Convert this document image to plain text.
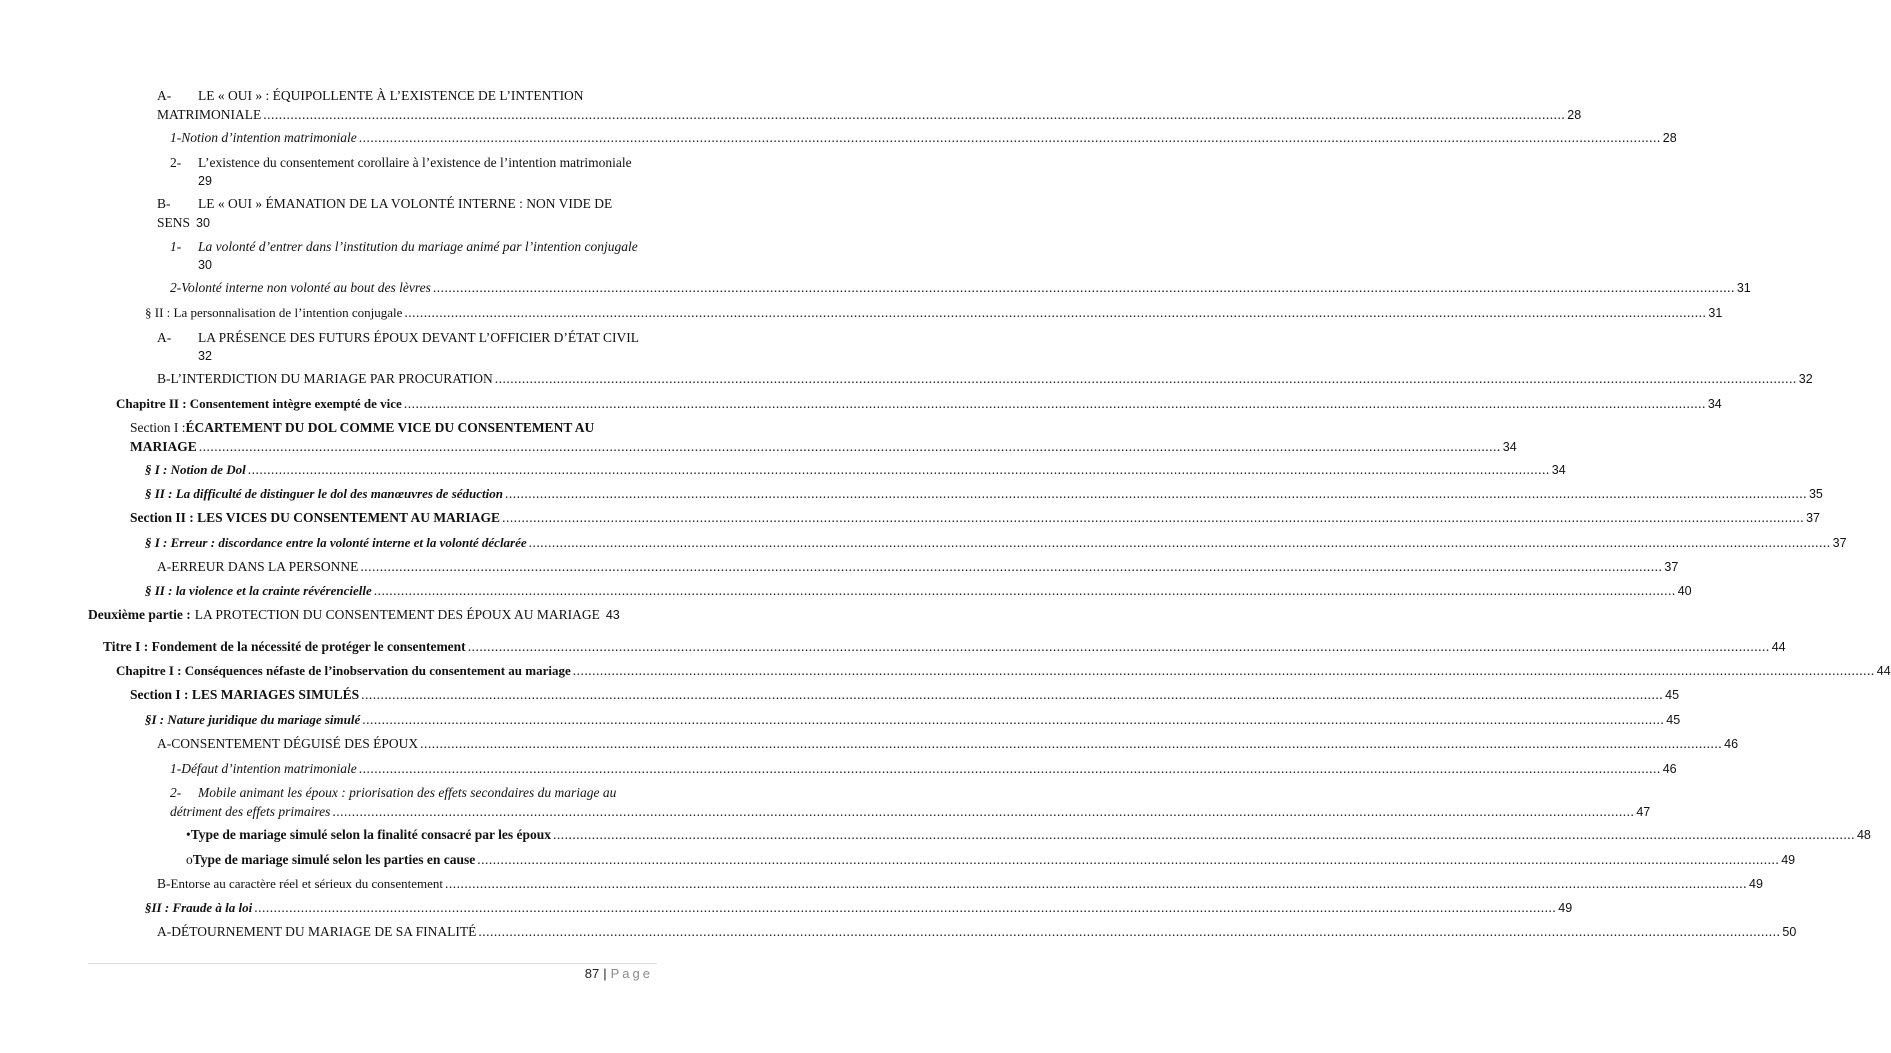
A-	LE « OUI » : ÉQUIPOLLENTE À L’EXISTENCE DE L’INTENTION
MATRIMONIALE .....	28
1- Notion d’intention matrimoniale .....	28
2-	L’existence du consentement corollaire à l’existence de l’intention matrimoniale
29
B-	LE « OUI » ÉMANATION DE LA VOLONTÉ INTERNE : NON VIDE DE
SENS 30
1-	La volonté d’entrer dans l’institution du mariage animé par l’intention conjugale
30
2- Volonté interne non volonté au bout des lèvres .....	31
§ II : La personnalisation de l’intention conjugale .....	31
A-	LA PRÉSENCE DES FUTURS ÉPOUX DEVANT L’OFFICIER D’ÉTAT CIVIL
32
B- L’INTERDICTION DU MARIAGE PAR PROCURATION .....	32
Chapitre II : Consentement intègre exempté de vice .....	34
Section I : ÉCARTEMENT DU DOL COMME VICE DU CONSENTEMENT AU
MARIAGE .....	34
§ I : Notion de Dol .....	34
§ II : La difficulté de distinguer le dol des manœuvres de séduction .....	35
Section II : LES VICES DU CONSENTEMENT AU MARIAGE .....	37
§ I : Erreur : discordance entre la volonté interne et la volonté déclarée .....	37
A- ERREUR DANS LA PERSONNE .....	37
§ II : la violence et la crainte révérencielle .....	40
Deuxième partie : LA PROTECTION DU CONSENTEMENT DES ÉPOUX AU MARIAGE 43
Titre I : Fondement de la nécessité de protéger le consentement .....	44
Chapitre I : Conséquences néfaste de l’inobservation du consentement au mariage .....	44
Section I : LES MARIAGES SIMULÉS .....	45
§I : Nature juridique du mariage simulé .....	45
A- CONSENTEMENT DÉGUISÉ DES ÉPOUX .....	46
1- Défaut d’intention matrimoniale .....	46
2-	Mobile animant les époux : priorisation des effets secondaires du mariage au
détriment des effets primaires .....	47
• Type de mariage simulé selon la finalité consacré par les époux .....	48
o Type de mariage simulé selon les parties en cause .....	49
B- Entorse au caractère réel et sérieux du consentement .....	49
§II : Fraude à la loi .....	49
A- DÉTOURNEMENT DU MARIAGE DE SA FINALITÉ .....	50
87 | Page
